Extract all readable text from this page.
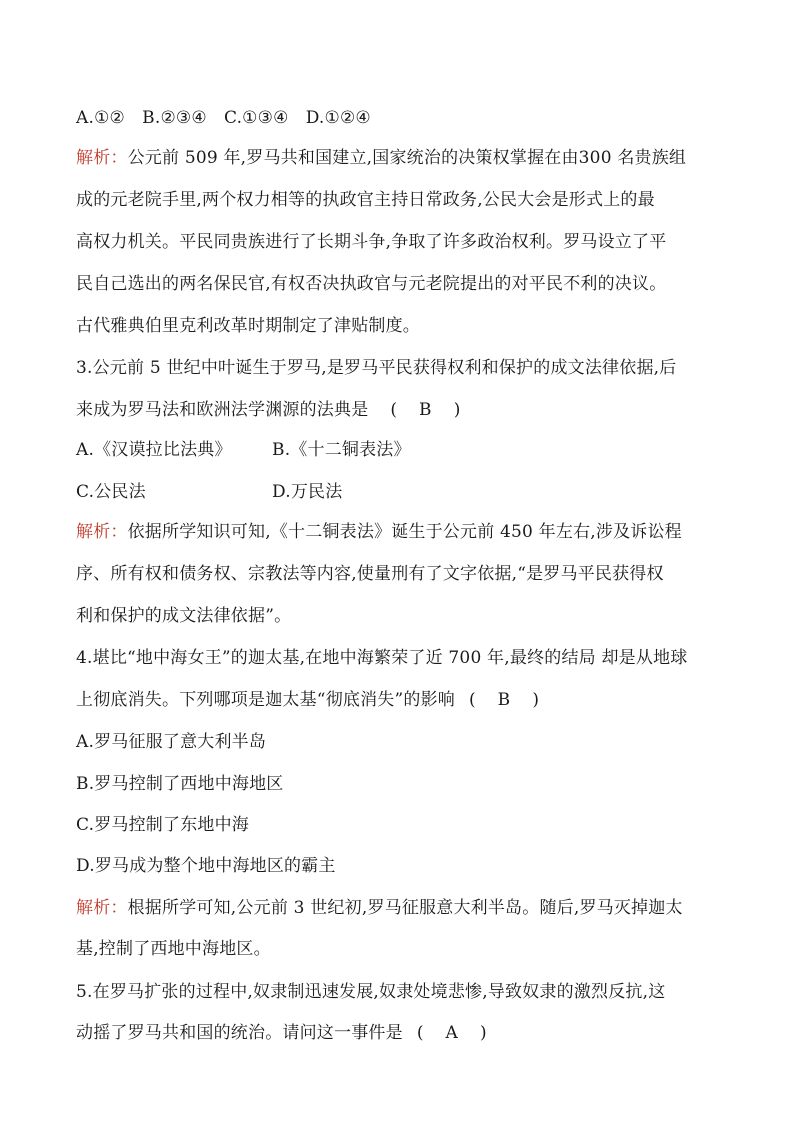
A.①②　B.②③④　C.①③④　D.①②④
解析：公元前 509 年,罗马共和国建立,国家统治的决策权掌握在由300 名贵族组
成的元老院手里,两个权力相等的执政官主持日常政务,公民大会是形式上的最
高权力机关。平民同贵族进行了长期斗争,争取了许多政治权利。罗马设立了平
民自己选出的两名保民官,有权否决执政官与元老院提出的对平民不利的决议。
古代雅典伯里克利改革时期制定了津贴制度。
3.公元前 5 世纪中叶诞生于罗马,是罗马平民获得权利和保护的成文法律依据,后
来成为罗马法和欧洲法学渊源的法典是 ( B )
A.《汉谟拉比法典》 B.《十二铜表法》
C.公民法	D.万民法
解析：依据所学知识可知,《十二铜表法》诞生于公元前 450 年左右,涉及诉讼程
序、所有权和债务权、宗教法等内容,使量刑有了文字依据,“是罗马平民获得权
利和保护的成文法律依据”。
4.堪比“地中海女王”的迦太基,在地中海繁荣了近 700 年,最终的结局 却是从地球
上彻底消失。下列哪项是迦太基“彻底消失”的影响 ( B )
A.罗马征服了意大利半岛
B.罗马控制了西地中海地区
C.罗马控制了东地中海
D.罗马成为整个地中海地区的霸主
解析：根据所学可知,公元前 3 世纪初,罗马征服意大利半岛。随后,罗马灭掉迦太
基,控制了西地中海地区。
5.在罗马扩张的过程中,奴隶制迅速发展,奴隶处境悲惨,导致奴隶的激烈反抗,这
动摇了罗马共和国的统治。请问这一事件是 ( A )
